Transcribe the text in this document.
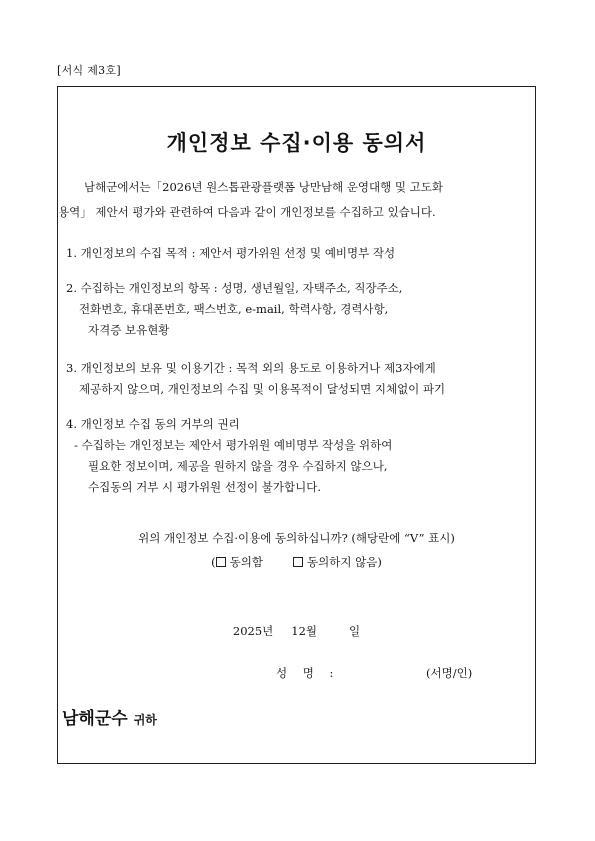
[서식 제3호]
개인정보 수집·이용 동의서
남해군에서는「2026년 원스톱관광플랫폼 낭만남해 운영대행 및 고도화
용역」 제안서 평가와 관련하여 다음과 같이 개인정보를 수집하고 있습니다.
1. 개인정보의 수집 목적 : 제안서 평가위원 선정 및 예비명부 작성
2. 수집하는 개인정보의 항목 : 성명, 생년월일, 자택주소, 직장주소,
전화번호, 휴대폰번호, 팩스번호, e-mail, 학력사항, 경력사항,
자격증 보유현황
3. 개인정보의 보유 및 이용기간 : 목적 외의 용도로 이용하거나 제3자에게
제공하지 않으며, 개인정보의 수집 및 이용목적이 달성되면 지체없이 파기
4. 개인정보 수집 동의 거부의 권리
- 수집하는 개인정보는 제안서 평가위원 예비명부 작성을 위하여
필요한 정보이며, 제공을 원하지 않을 경우 수집하지 않으나,
수집동의 거부 시 평가위원 선정이 불가합니다.
위의 개인정보 수집·이용에 동의하십니까? (해당란에 “V” 표시)
( 동의함	동의하지 않음)
2025년 12월	일
성 명 :	(서명/인)
남해군수 귀하
